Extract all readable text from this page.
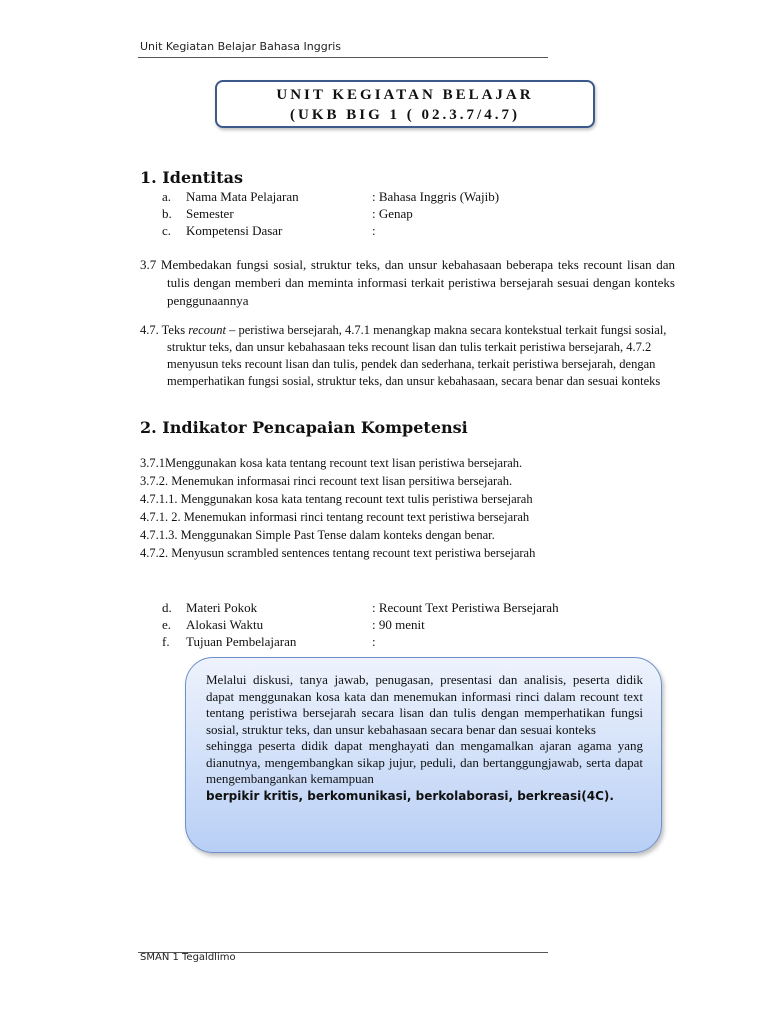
Unit Kegiatan Belajar Bahasa Inggris
UNIT KEGIATAN BELAJAR
(UKB BIG 1 ( 02.3.7/4.7)
1. Identitas
a. Nama Mata Pelajaran	: Bahasa Inggris (Wajib)
b. Semester	: Genap
c. Kompetensi Dasar	:
3.7 Membedakan fungsi sosial, struktur teks, dan unsur kebahasaan beberapa teks recount lisan dan tulis dengan memberi dan meminta informasi terkait peristiwa bersejarah sesuai dengan konteks penggunaannya
4.7. Teks recount – peristiwa bersejarah, 4.7.1 menangkap makna secara kontekstual terkait fungsi sosial, struktur teks, dan unsur kebahasaan teks recount lisan dan tulis terkait peristiwa bersejarah, 4.7.2 menyusun teks recount lisan dan tulis, pendek dan sederhana, terkait peristiwa bersejarah, dengan memperhatikan fungsi sosial, struktur teks, dan unsur kebahasaan, secara benar dan sesuai konteks
2. Indikator Pencapaian Kompetensi
3.7.1Menggunakan kosa kata tentang recount text lisan peristiwa bersejarah.
3.7.2. Menemukan informasai rinci recount text lisan persitiwa bersejarah.
4.7.1.1. Menggunakan kosa kata tentang recount text tulis peristiwa bersejarah
4.7.1. 2. Menemukan informasi rinci tentang recount text peristiwa bersejarah
4.7.1.3. Menggunakan Simple Past Tense dalam konteks dengan benar.
4.7.2. Menyusun scrambled sentences tentang recount text peristiwa bersejarah
d. Materi Pokok	: Recount Text Peristiwa Bersejarah
e. Alokasi Waktu	: 90 menit
f. Tujuan Pembelajaran	:
Melalui diskusi, tanya jawab, penugasan, presentasi dan analisis, peserta didik dapat menggunakan kosa kata dan menemukan informasi rinci dalam recount text tentang peristiwa bersejarah secara lisan dan tulis dengan memperhatikan fungsi sosial, struktur teks, dan unsur kebahasaan secara benar dan sesuai konteks
sehingga peserta didik dapat menghayati dan mengamalkan ajaran agama yang dianutnya, mengembangkan sikap jujur, peduli, dan bertanggungjawab, serta dapat mengembangankan kemampuan
berpikir kritis, berkomunikasi, berkolaborasi, berkreasi(4C).
SMAN 1 Tegaldlimo
